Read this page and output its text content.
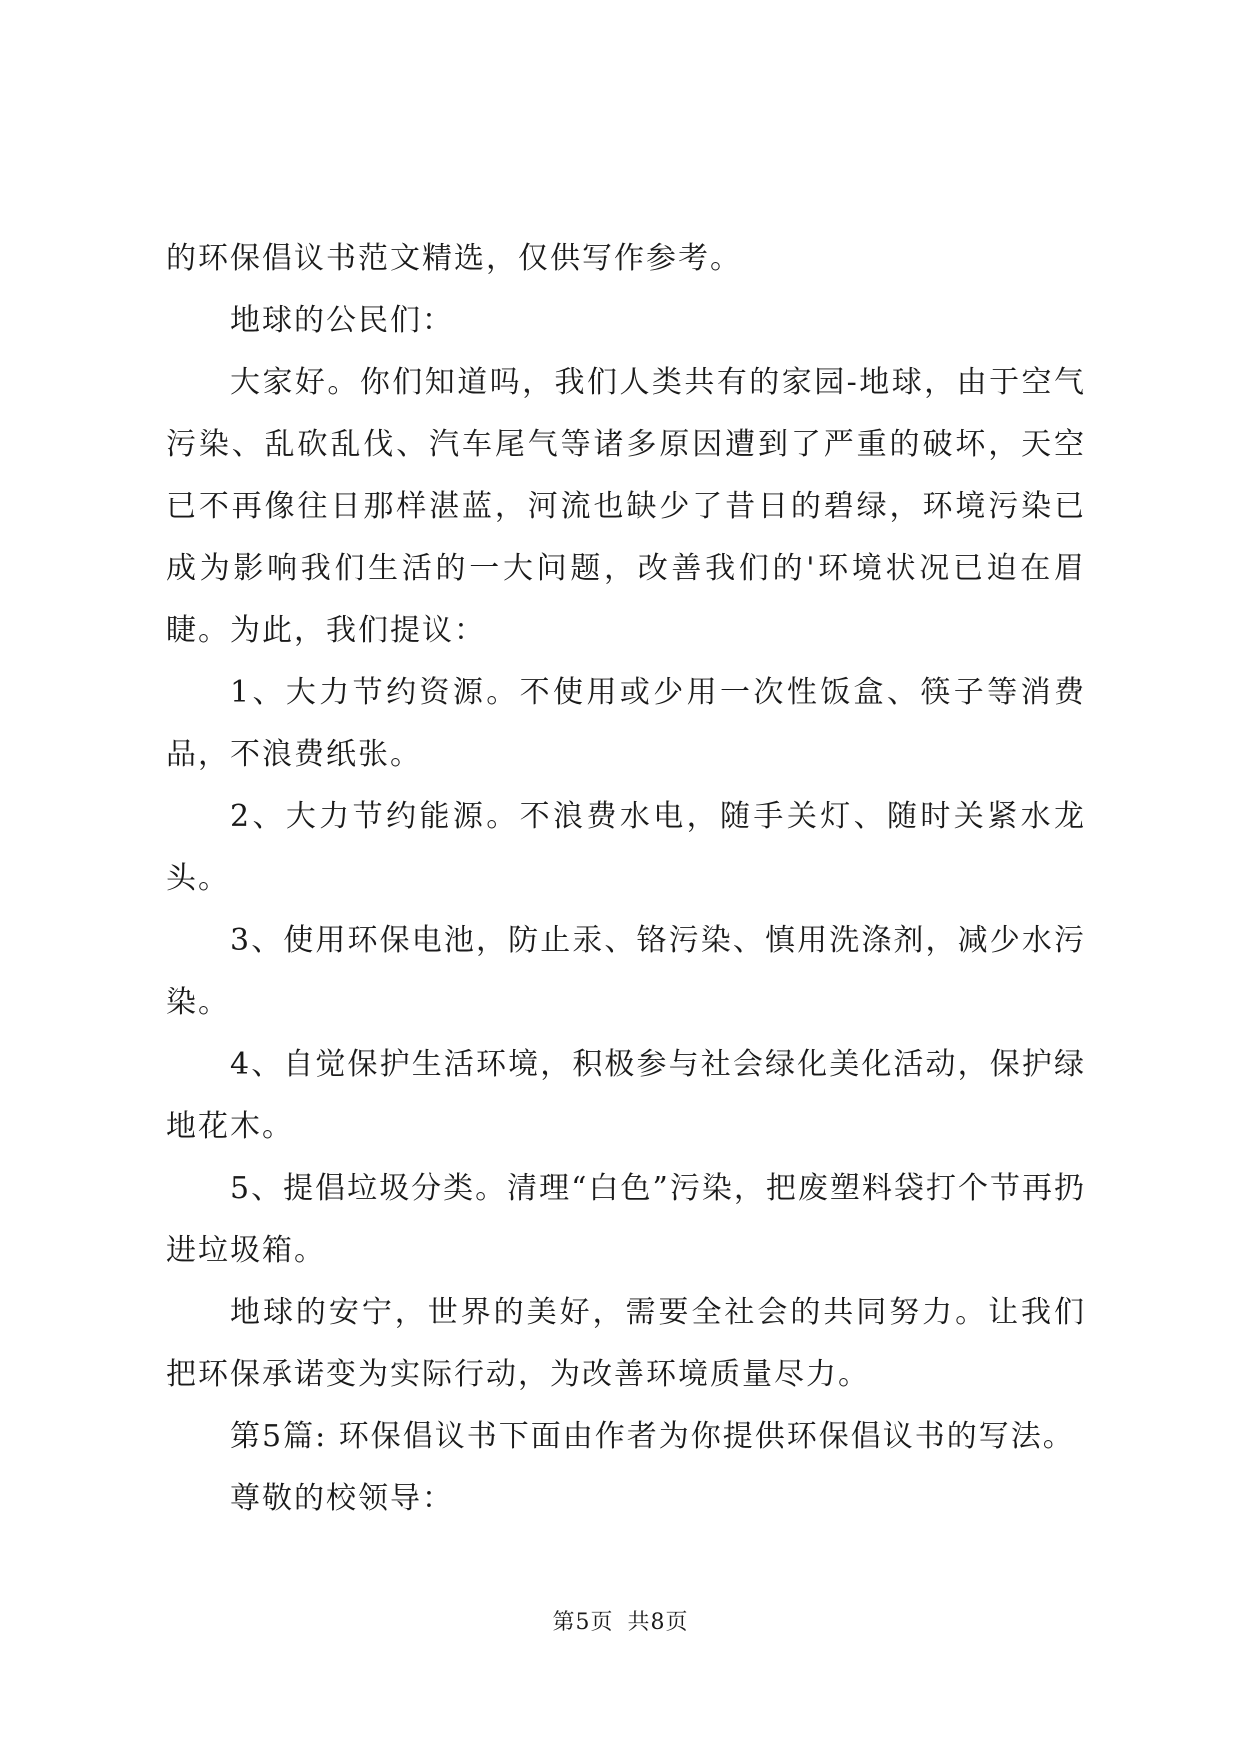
的环保倡议书范文精选，仅供写作参考。

地球的公民们：

大家好。你们知道吗，我们人类共有的家园-地球，由于空气污染、乱砍乱伐、汽车尾气等诸多原因遭到了严重的破坏，天空已不再像往日那样湛蓝，河流也缺少了昔日的碧绿，环境污染已成为影响我们生活的一大问题，改善我们的'环境状况已迫在眉睫。为此，我们提议：

1、大力节约资源。不使用或少用一次性饭盒、筷子等消费品，不浪费纸张。

2、大力节约能源。不浪费水电，随手关灯、随时关紧水龙头。

3、使用环保电池，防止汞、铬污染、慎用洗涤剂，减少水污染。

4、自觉保护生活环境，积极参与社会绿化美化活动，保护绿地花木。

5、提倡垃圾分类。清理“白色”污染，把废塑料袋打个节再扔进垃圾箱。

地球的安宁，世界的美好，需要全社会的共同努力。让我们把环保承诺变为实际行动，为改善环境质量尽力。

第5篇: 环保倡议书下面由作者为你提供环保倡议书的写法。

尊敬的校领导：

第5页 共8页
